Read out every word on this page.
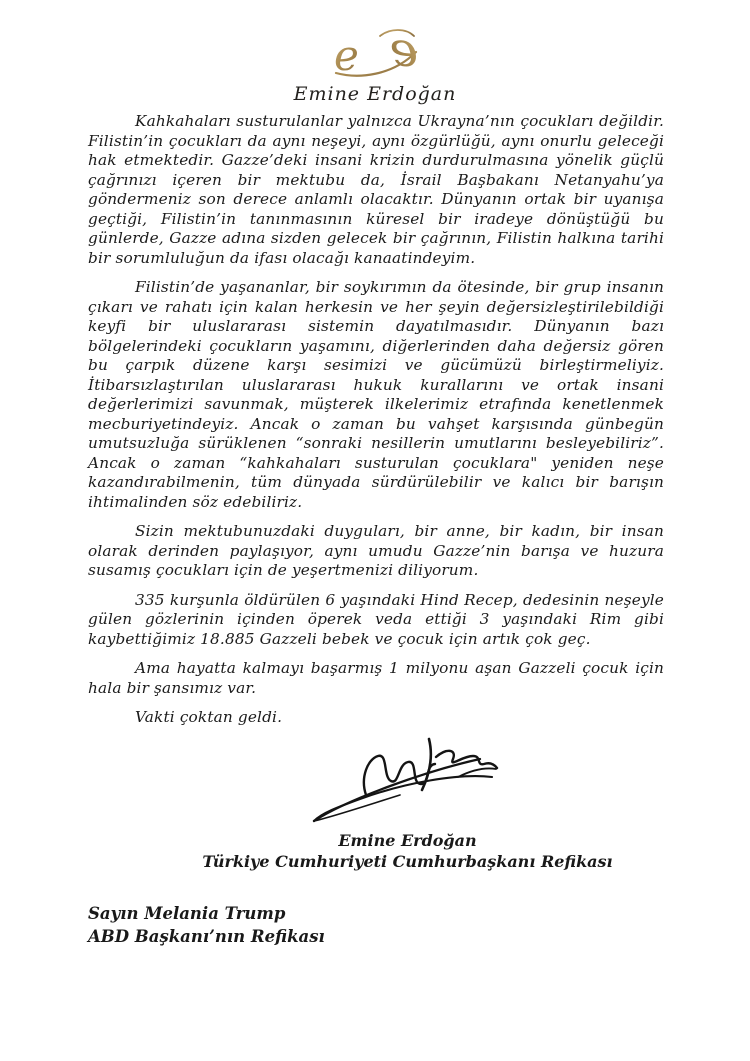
e e
Emine Erdoğan

Kahkahaları susturulanlar yalnızca Ukrayna’nın çocukları değildir. Filistin’in çocukları da aynı neşeyi, aynı özgürlüğü, aynı onurlu geleceği hak etmektedir. Gazze’deki insani krizin durdurulmasına yönelik güçlü çağrınızı içeren bir mektubu da, İsrail Başbakanı Netanyahu’ya göndermeniz son derece anlamlı olacaktır. Dünyanın ortak bir uyanışa geçtiği, Filistin’in tanınmasının küresel bir iradeye dönüştüğü bu günlerde, Gazze adına sizden gelecek bir çağrının, Filistin halkına tarihi bir sorumluluğun da ifası olacağı kanaatindeyim.

Filistin’de yaşananlar, bir soykırımın da ötesinde, bir grup insanın çıkarı ve rahatı için kalan herkesin ve her şeyin değersizleştirilebildiği keyfi bir uluslararası sistemin dayatılmasıdır. Dünyanın bazı bölgelerindeki çocukların yaşamını, diğerlerinden daha değersiz gören bu çarpık düzene karşı sesimizi ve gücümüzü birleştirmeliyiz. İtibarsızlaştırılan uluslararası hukuk kurallarını ve ortak insani değerlerimizi savunmak, müşterek ilkelerimiz etrafında kenetlenmek mecburiyetindeyiz. Ancak o zaman bu vahşet karşısında günbegün umutsuzluğa sürüklenen “sonraki nesillerin umutlarını besleyebiliriz”. Ancak o zaman “kahkahaları susturulan çocuklara" yeniden neşe kazandırabilmenin, tüm dünyada sürdürülebilir ve kalıcı bir barışın ihtimalinden söz edebiliriz.

Sizin mektubunuzdaki duyguları, bir anne, bir kadın, bir insan olarak derinden paylaşıyor, aynı umudu Gazze’nin barışa ve huzura susamış çocukları için de yeşertmenizi diliyorum.

335 kurşunla öldürülen 6 yaşındaki Hind Recep, dedesinin neşeyle gülen gözlerinin içinden öperek veda ettiği 3 yaşındaki Rim gibi kaybettiğimiz 18.885 Gazzeli bebek ve çocuk için artık çok geç.

Ama hayatta kalmayı başarmış 1 milyonu aşan Gazzeli çocuk için hala bir şansımız var.

Vakti çoktan geldi.

Emine Erdoğan
Türkiye Cumhuriyeti Cumhurbaşkanı Refikası
Sayın Melania Trump
ABD Başkanı’nın Refikası
